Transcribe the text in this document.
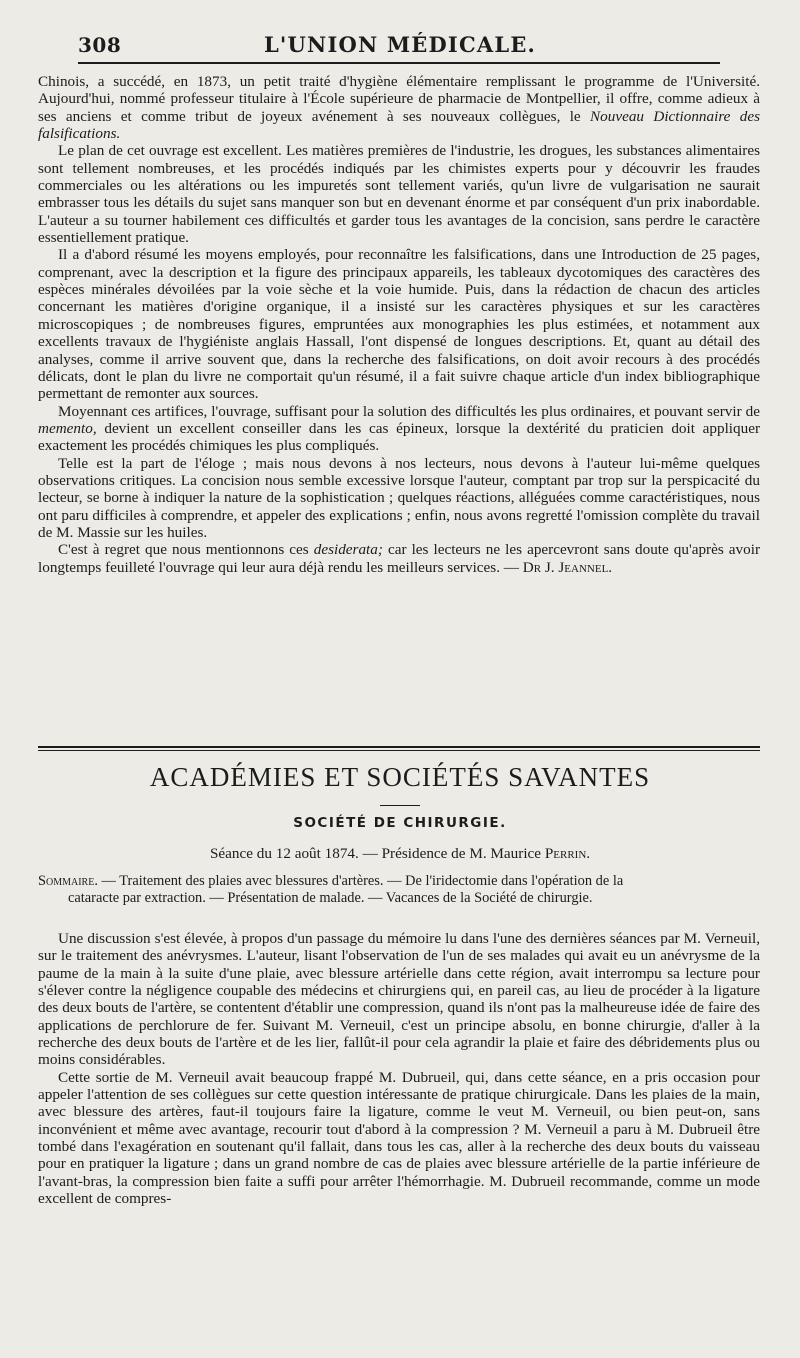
308	L'UNION MÉDICALE.

Chinois, a succédé, en 1873, un petit traité d'hygiène élémentaire remplissant le programme de l'Université. Aujourd'hui, nommé professeur titulaire à l'École supérieure de pharmacie de Montpellier, il offre, comme adieux à ses anciens et comme tribut de joyeux avénement à ses nouveaux collègues, le Nouveau Dictionnaire des falsifications.

Le plan de cet ouvrage est excellent. Les matières premières de l'industrie, les drogues, les substances alimentaires sont tellement nombreuses, et les procédés indiqués par les chimistes experts pour y découvrir les fraudes commerciales ou les altérations ou les impuretés sont tellement variés, qu'un livre de vulgarisation ne saurait embrasser tous les détails du sujet sans manquer son but en devenant énorme et par conséquent d'un prix inabordable. L'auteur a su tourner habilement ces difficultés et garder tous les avantages de la concision, sans perdre le caractère essentiellement pratique.

Il a d'abord résumé les moyens employés, pour reconnaître les falsifications, dans une Introduction de 25 pages, comprenant, avec la description et la figure des principaux appareils, les tableaux dycotomiques des caractères des espèces minérales dévoilées par la voie sèche et la voie humide. Puis, dans la rédaction de chacun des articles concernant les matières d'origine organique, il a insisté sur les caractères physiques et sur les caractères microscopiques ; de nombreuses figures, empruntées aux monographies les plus estimées, et notamment aux excellents travaux de l'hygiéniste anglais Hassall, l'ont dispensé de longues descriptions. Et, quant au détail des analyses, comme il arrive souvent que, dans la recherche des falsifications, on doit avoir recours à des procédés délicats, dont le plan du livre ne comportait qu'un résumé, il a fait suivre chaque article d'un index bibliographique permettant de remonter aux sources.

Moyennant ces artifices, l'ouvrage, suffisant pour la solution des difficultés les plus ordinaires, et pouvant servir de memento, devient un excellent conseiller dans les cas épineux, lorsque la dextérité du praticien doit appliquer exactement les procédés chimiques les plus compliqués.

Telle est la part de l'éloge ; mais nous devons à nos lecteurs, nous devons à l'auteur lui-même quelques observations critiques. La concision nous semble excessive lorsque l'auteur, comptant par trop sur la perspicacité du lecteur, se borne à indiquer la nature de la sophistication ; quelques réactions, alléguées comme caractéristiques, nous ont paru difficiles à comprendre, et appeler des explications ; enfin, nous avons regretté l'omission complète du travail de M. Massie sur les huiles.

C'est à regret que nous mentionnons ces desiderata; car les lecteurs ne les apercevront sans doute qu'après avoir longtemps feuilleté l'ouvrage qui leur aura déjà rendu les meilleurs services. — Dr J. Jeannel.

ACADÉMIES ET SOCIÉTÉS SAVANTES
SOCIÉTÉ DE CHIRURGIE.
Séance du 12 août 1874. — Présidence de M. Maurice Perrin.
Sommaire. — Traitement des plaies avec blessures d'artères. — De l'iridectomie dans l'opération de la
cataracte par extraction. — Présentation de malade. — Vacances de la Société de chirurgie.

Une discussion s'est élevée, à propos d'un passage du mémoire lu dans l'une des dernières séances par M. Verneuil, sur le traitement des anévrysmes. L'auteur, lisant l'observation de l'un de ses malades qui avait eu un anévrysme de la paume de la main à la suite d'une plaie, avec blessure artérielle dans cette région, avait interrompu sa lecture pour s'élever contre la négligence coupable des médecins et chirurgiens qui, en pareil cas, au lieu de procéder à la ligature des deux bouts de l'artère, se contentent d'établir une compression, quand ils n'ont pas la malheureuse idée de faire des applications de perchlorure de fer. Suivant M. Verneuil, c'est un principe absolu, en bonne chirurgie, d'aller à la recherche des deux bouts de l'artère et de les lier, fallût-il pour cela agrandir la plaie et faire des débridements plus ou moins considérables.

Cette sortie de M. Verneuil avait beaucoup frappé M. Dubrueil, qui, dans cette séance, en a pris occasion pour appeler l'attention de ses collègues sur cette question intéressante de pratique chirurgicale. Dans les plaies de la main, avec blessure des artères, faut-il toujours faire la ligature, comme le veut M. Verneuil, ou bien peut-on, sans inconvénient et même avec avantage, recourir tout d'abord à la compression ? M. Verneuil a paru à M. Dubrueil être tombé dans l'exagération en soutenant qu'il fallait, dans tous les cas, aller à la recherche des deux bouts du vaisseau pour en pratiquer la ligature ; dans un grand nombre de cas de plaies avec blessure artérielle de la partie inférieure de l'avant-bras, la compression bien faite a suffi pour arrêter l'hémorrhagie. M. Dubrueil recommande, comme un mode excellent de compres-
